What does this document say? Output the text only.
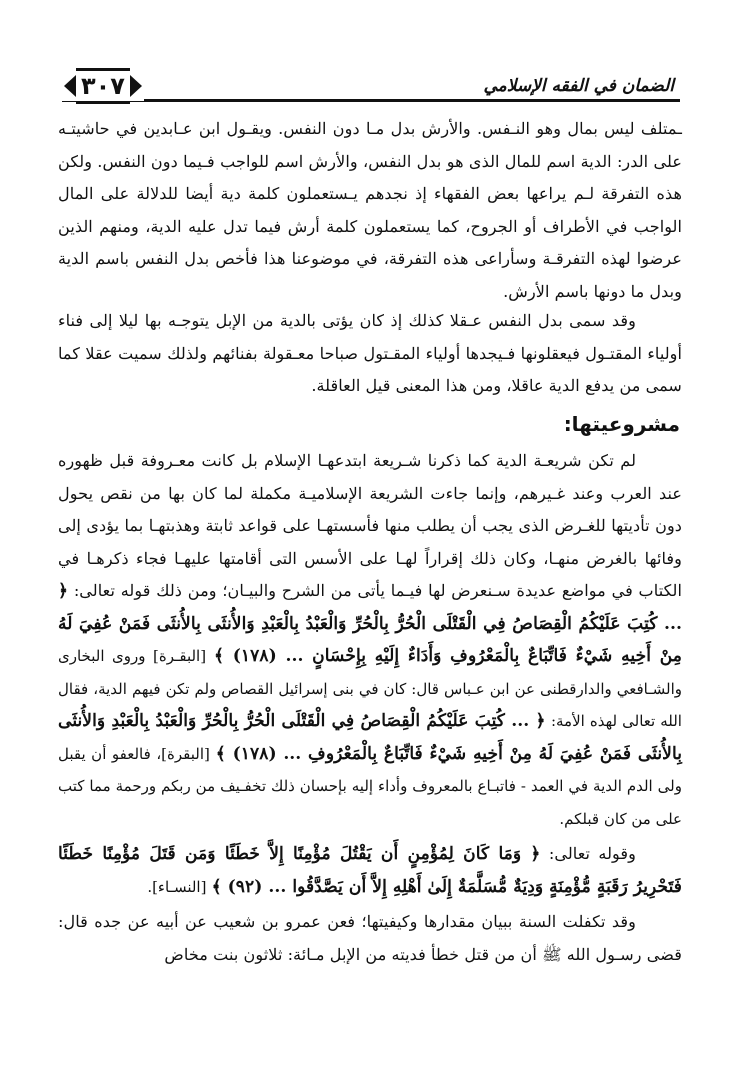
الضمان في الفقه الإسلامي
٣٠٧

ـمتلف ليس بمال وهو النـفس. والأرش بدل مـا دون النفس. ويقـول ابن عـابدين في حاشيتـه على الدر: الدية اسم للمال الذى هو بدل النفس، والأرش اسم للواجب فـيما دون النفس. ولكن هذه التفرقة لـم يراعها بعض الفقهاء إذ نجدهم يـستعملون كلمة دية أيضا للدلالة على المال الواجب في الأطراف أو الجروح، كما يستعملون كلمة أرش فيما تدل عليه الدية، ومنهم الذين عرضوا لهذه التفرقـة وسأراعى هذه التفرقة، في موضوعنا هذا فأخص بدل النفس باسم الدية وبدل ما دونها باسم الأرش.

وقد سمى بدل النفس عـقلا كذلك إذ كان يؤتى بالدية من الإبل يتوجـه بها ليلا إلى فناء أولياء المقتـول فيعقلونها فـيجدها أولياء المقـتول صباحا معـقولة بفنائهم ولذلك سميت عقلا كما سمى من يدفع الدية عاقلا، ومن هذا المعنى قيل العاقلة.

مشروعيتها:

لم تكن شريعـة الدية كما ذكرنا شـريعة ابتدعهـا الإسلام بل كانت معـروفة قبل ظهوره عند العرب وعند غـيرهم، وإنما جاءت الشريعة الإسلاميـة مكملة لما كان بها من نقص يحول دون تأديتها للغـرض الذى يجب أن يطلب منها فأسستهـا على قواعد ثابتة وهذبتهـا بما يؤدى إلى وفائها بالغرض منهـا، وكان ذلك إقراراً لهـا على الأسس التى أقامتها عليهـا فجاء ذكرهـا في الكتاب في مواضع عديدة سـنعرض لها فيـما يأتى من الشرح والبيـان؛ ومن ذلك قوله تعالى: ﴿ ... كُتِبَ عَلَيْكُمُ الْقِصَاصُ فِي الْقَتْلَى الْحُرُّ بِالْحُرِّ وَالْعَبْدُ بِالْعَبْدِ وَالأُنثَى بِالأُنثَى فَمَنْ عُفِيَ لَهُ مِنْ أَخِيهِ شَيْءٌ فَاتِّبَاعٌ بِالْمَعْرُوفِ وَأَدَاءٌ إِلَيْهِ بِإِحْسَانٍ ... (١٧٨) ﴾ [البقـرة] وروى البخارى والشـافعي والدارقطنى عن ابن عـباس قال: كان في بنى إسرائيل القصاص ولم تكن فيهم الدية، فقال الله تعالى لهذه الأمة: ﴿ ... كُتِبَ عَلَيْكُمُ الْقِصَاصُ فِي الْقَتْلَى الْحُرُّ بِالْحُرِّ وَالْعَبْدُ بِالْعَبْدِ وَالأُنثَى بِالأُنثَى فَمَنْ عُفِيَ لَهُ مِنْ أَخِيهِ شَيْءٌ فَاتِّبَاعٌ بِالْمَعْرُوفِ ... (١٧٨) ﴾ [البقرة]، فالعفو أن يقبل ولى الدم الدية في العمد - فاتبـاع بالمعروف وأداء إليه بإحسان ذلك تخفـيف من ربكم ورحمة مما كتب على من كان قبلكم.

وقوله تعالى: ﴿ وَمَا كَانَ لِمُؤْمِنٍ أَن يَقْتُلَ مُؤْمِنًا إِلاَّ خَطَئًا وَمَن قَتَلَ مُؤْمِنًا خَطَئًا فَتَحْرِيرُ رَقَبَةٍ مُّؤْمِنَةٍ وَدِيَةٌ مُّسَلَّمَةٌ إِلَىٰ أَهْلِهِ إِلاَّ أَن يَصَّدَّقُوا ... (٩٢) ﴾ [النسـاء].

وقد تكفلت السنة ببيان مقدارها وكيفيتها؛ فعن عمرو بن شعيب عن أبيه عن جده قال: قضى رسـول الله ﷺ أن من قتل خطأ فديته من الإبل مـائة: ثلاثون بنت مخاض
